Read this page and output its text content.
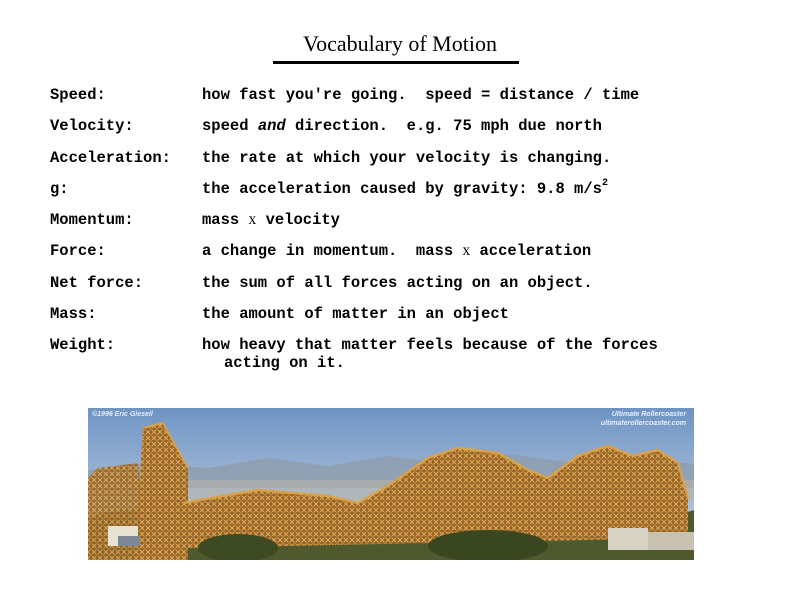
Vocabulary of Motion
Speed:	how fast you're going.  speed = distance / time
Velocity:	speed and direction.  e.g. 75 mph due north
Acceleration:	the rate at which your velocity is changing.
g:	the acceleration caused by gravity: 9.8 $m/s^2$
Momentum:	mass x velocity
Force:	a change in momentum.  mass x acceleration
Net force:	the sum of all forces acting on an object.
Mass:	the amount of matter in an object
Weight:	how heavy that matter feels because of the forces
acting on it.
©1996 Eric Gieseil	Ultimate Rollercoaster
ultimaterollercoaster.com
